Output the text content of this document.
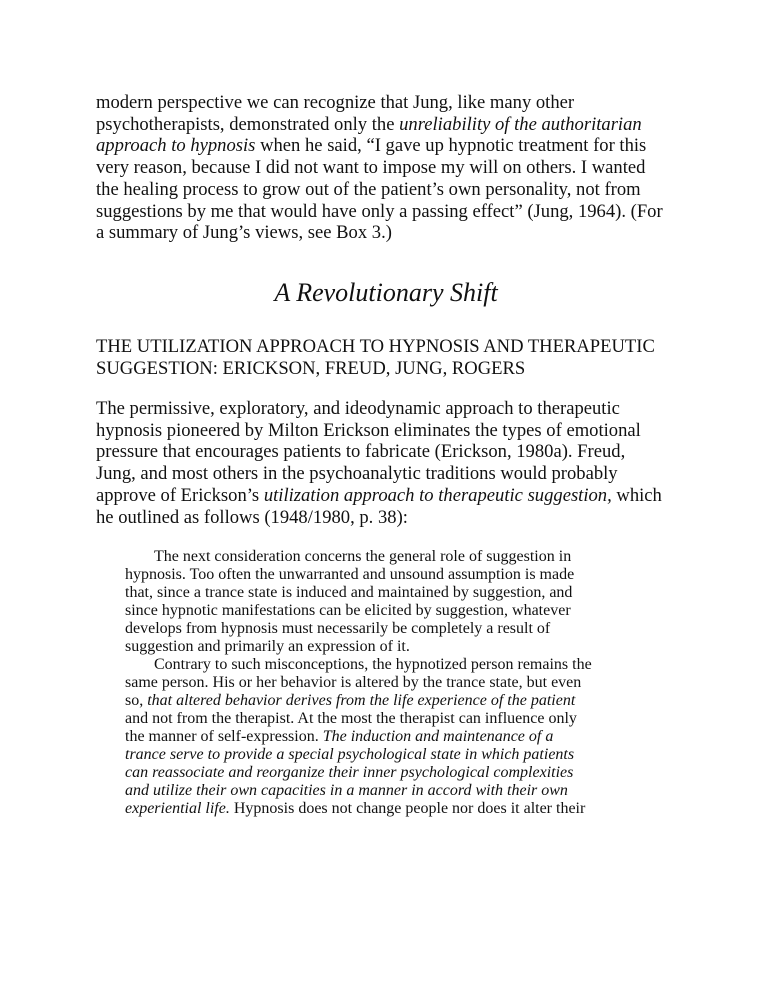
modern perspective we can recognize that Jung, like many other
psychotherapists, demonstrated only the unreliability of the authoritarian
approach to hypnosis when he said, “I gave up hypnotic treatment for this
very reason, because I did not want to impose my will on others. I wanted
the healing process to grow out of the patient’s own personality, not from
suggestions by me that would have only a passing effect” (Jung, 1964). (For
a summary of Jung’s views, see Box 3.)
A Revolutionary Shift
THE UTILIZATION APPROACH TO HYPNOSIS AND THERAPEUTIC
SUGGESTION: ERICKSON, FREUD, JUNG, ROGERS
The permissive, exploratory, and ideodynamic approach to therapeutic
hypnosis pioneered by Milton Erickson eliminates the types of emotional
pressure that encourages patients to fabricate (Erickson, 1980a). Freud,
Jung, and most others in the psychoanalytic traditions would probably
approve of Erickson’s utilization approach to therapeutic suggestion, which
he outlined as follows (1948/1980, p. 38):
The next consideration concerns the general role of suggestion in
hypnosis. Too often the unwarranted and unsound assumption is made
that, since a trance state is induced and maintained by suggestion, and
since hypnotic manifestations can be elicited by suggestion, whatever
develops from hypnosis must necessarily be completely a result of
suggestion and primarily an expression of it.
Contrary to such misconceptions, the hypnotized person remains the
same person. His or her behavior is altered by the trance state, but even
so, that altered behavior derives from the life experience of the patient
and not from the therapist. At the most the therapist can influence only
the manner of self-expression. The induction and maintenance of a
trance serve to provide a special psychological state in which patients
can reassociate and reorganize their inner psychological complexities
and utilize their own capacities in a manner in accord with their own
experiential life. Hypnosis does not change people nor does it alter their
